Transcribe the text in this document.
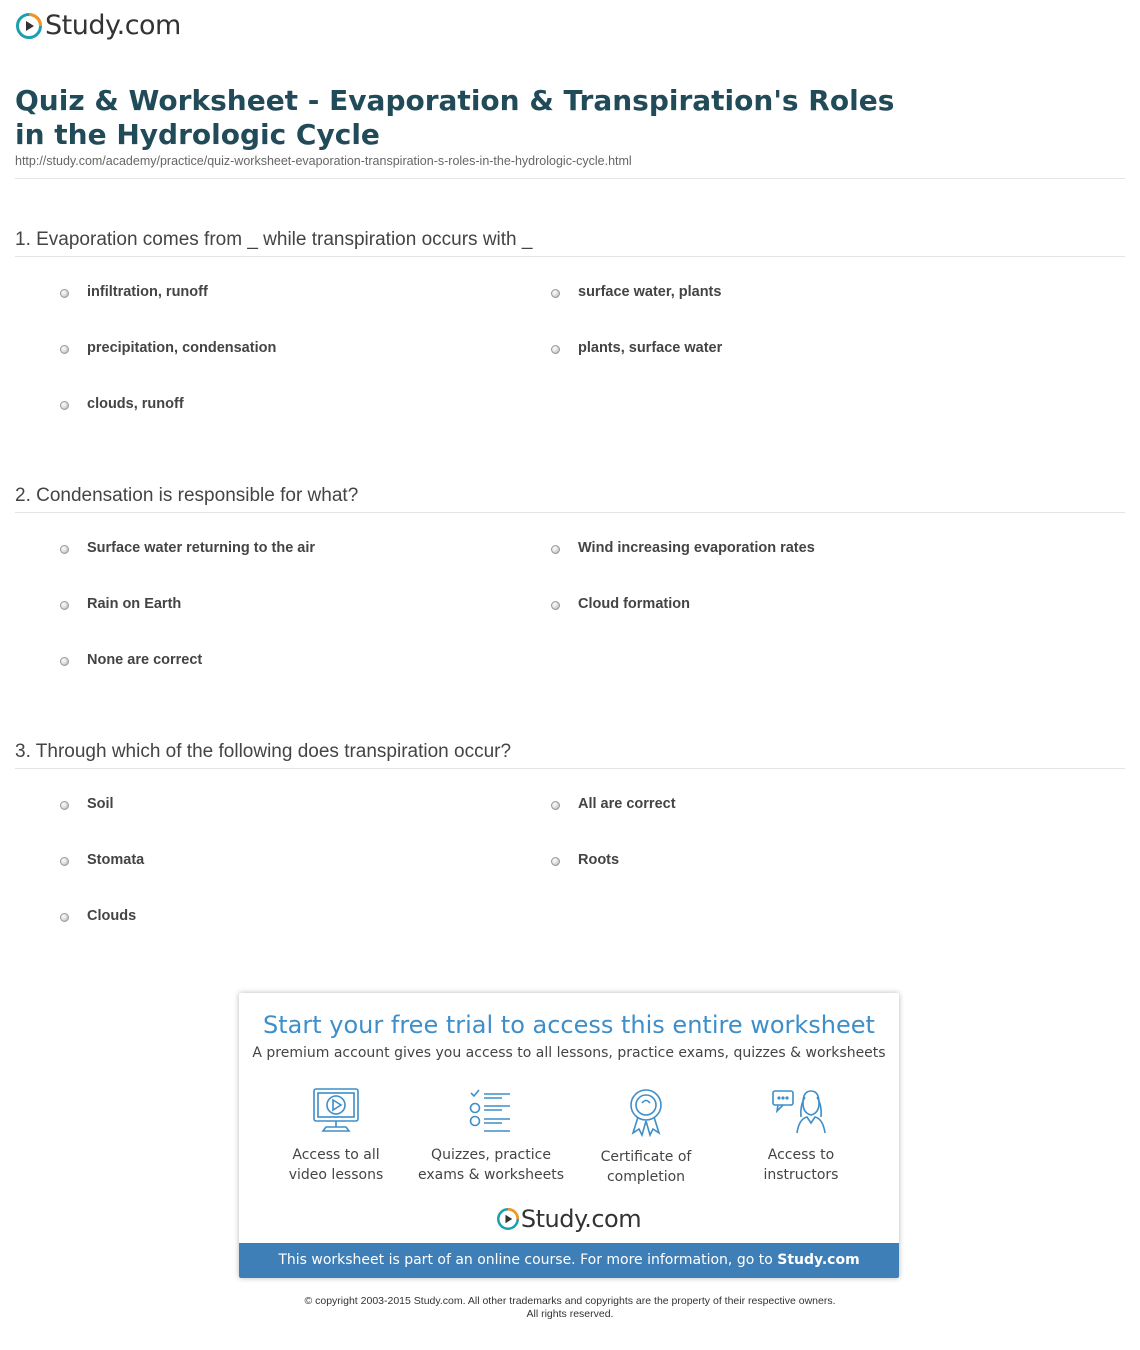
Study.com
Quiz & Worksheet - Evaporation & Transpiration's Roles in the Hydrologic Cycle
http://study.com/academy/practice/quiz-worksheet-evaporation-transpiration-s-roles-in-the-hydrologic-cycle.html
1. Evaporation comes from _ while transpiration occurs with _
infiltration, runoff	surface water, plants
precipitation, condensation	plants, surface water
clouds, runoff
2. Condensation is responsible for what?
Surface water returning to the air	Wind increasing evaporation rates
Rain on Earth	Cloud formation
None are correct
3. Through which of the following does transpiration occur?
Soil	All are correct
Stomata	Roots
Clouds
Start your free trial to access this entire worksheet
A premium account gives you access to all lessons, practice exams, quizzes & worksheets
Access to all
video lessons
Quizzes, practice
exams & worksheets
Certificate of
completion
Access to
instructors
Study.com
This worksheet is part of an online course. For more information, go to Study.com
© copyright 2003-2015 Study.com. All other trademarks and copyrights are the property of their respective owners.
All rights reserved.
